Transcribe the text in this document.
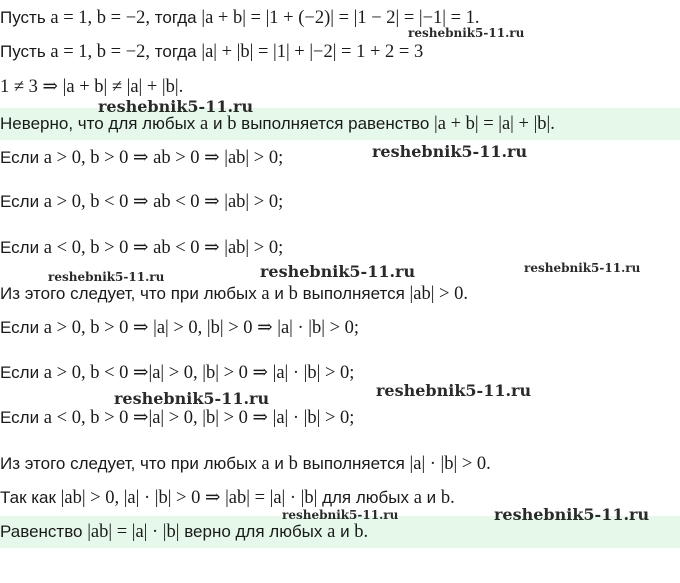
Пусть a = 1, b = −2, тогда |a + b| = |1 + (−2)| = |1 − 2| = |−1| = 1.
Пусть a = 1, b = −2, тогда |a| + |b| = |1| + |−2| = 1 + 2 = 3
1 ≠ 3 ⇒ |a + b| ≠ |a| + |b|.
Неверно, что для любых a и b выполняется равенство |a + b| = |a| + |b|.
Если a > 0, b > 0 ⇒ ab > 0 ⇒ |ab| > 0;
Если a > 0, b < 0 ⇒ ab < 0 ⇒ |ab| > 0;
Если a < 0, b > 0 ⇒ ab < 0 ⇒ |ab| > 0;
Из этого следует, что при любых a и b выполняется |ab| > 0.
Если a > 0, b > 0 ⇒ |a| > 0, |b| > 0 ⇒ |a| · |b| > 0;
Если a > 0, b < 0 ⇒|a| > 0, |b| > 0 ⇒ |a| · |b| > 0;
Если a < 0, b > 0 ⇒|a| > 0, |b| > 0 ⇒ |a| · |b| > 0;
Из этого следует, что при любых a и b выполняется |a| · |b| > 0.
Так как |ab| > 0, |a| · |b| > 0 ⇒ |ab| = |a| · |b| для любых a и b.
Равенство |ab| = |a| · |b| верно для любых a и b.
reshebnik5-11.ru
reshebnik5-11.ru
reshebnik5-11.ru
reshebnik5-11.ru	reshebnik5-11.ru	reshebnik5-11.ru
reshebnik5-11.ru
reshebnik5-11.ru
reshebnik5-11.ru	reshebnik5-11.ru
